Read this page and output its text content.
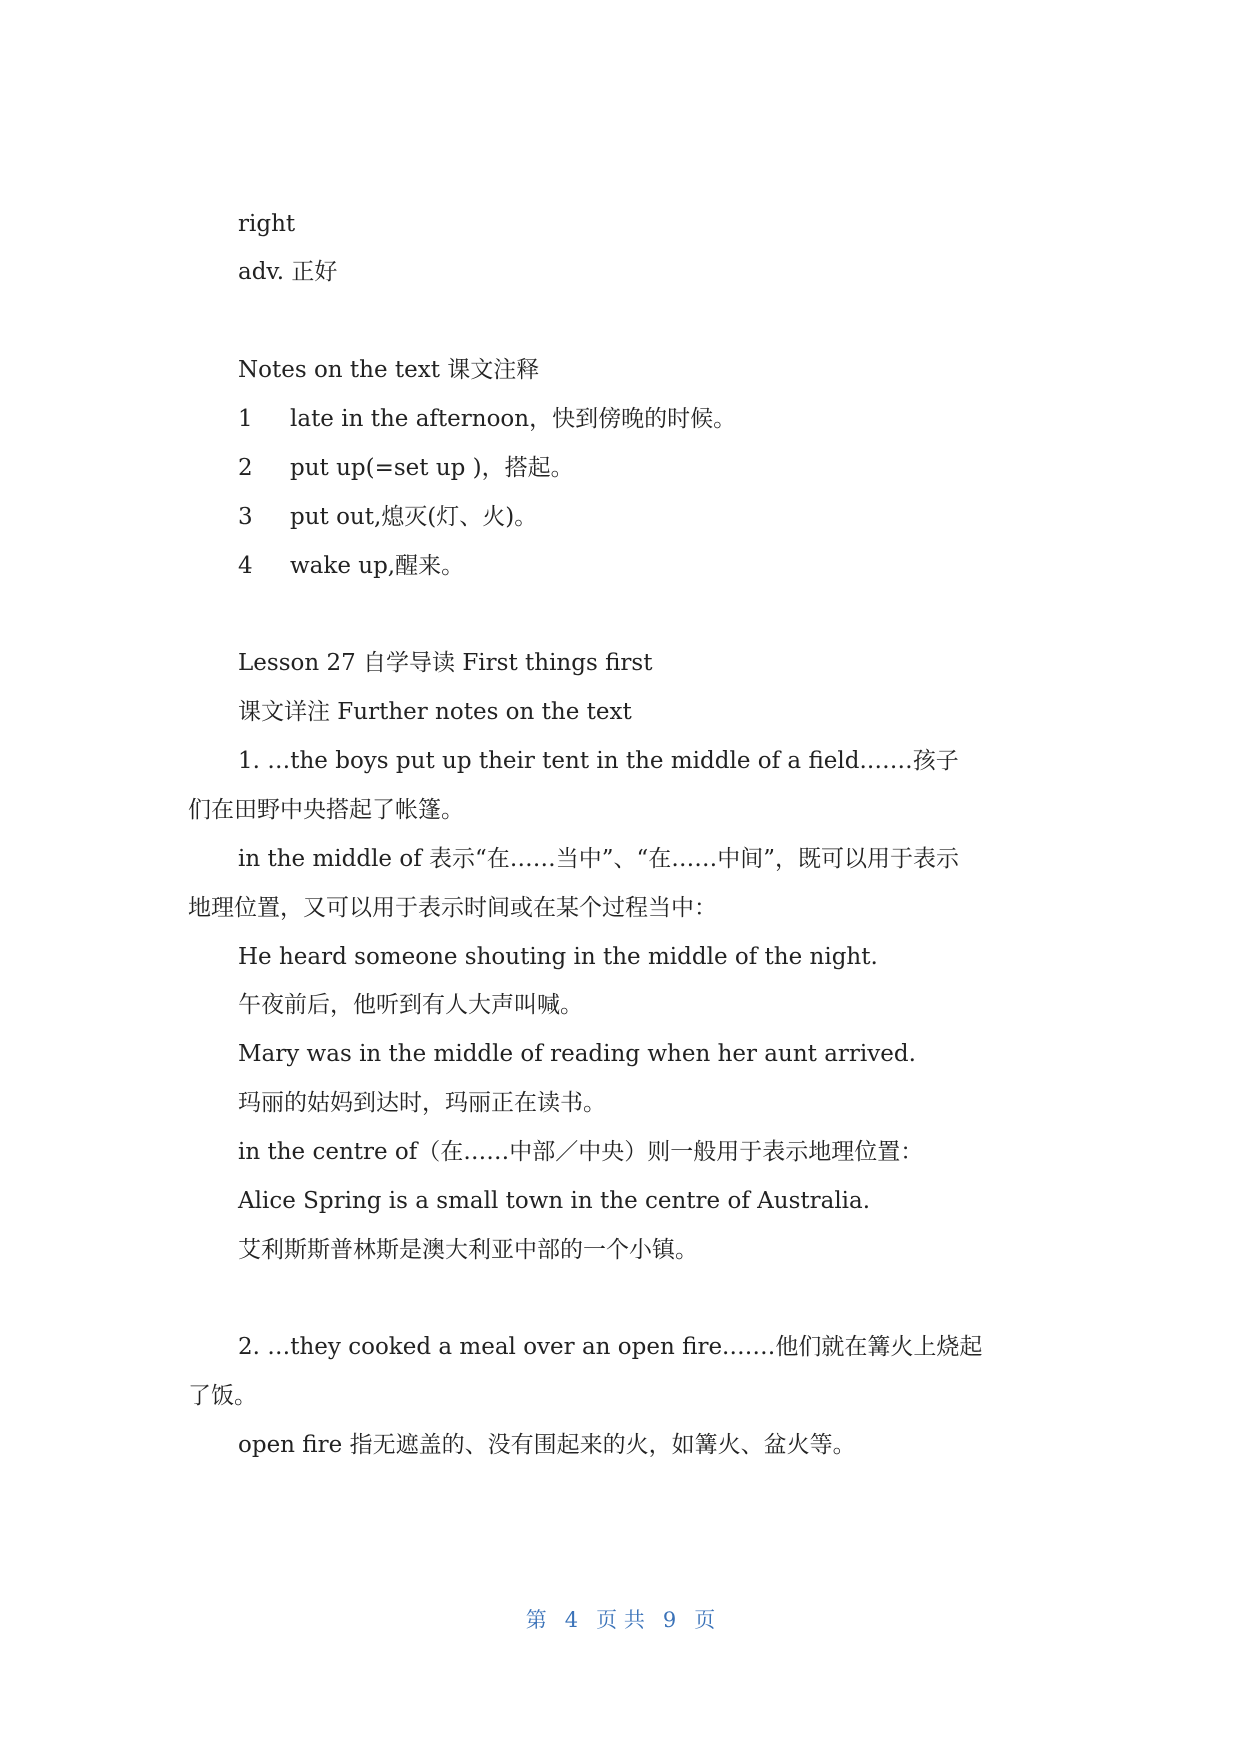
right

adv. 正好

Notes on the text 课文注释

1 late in the afternoon，快到傍晚的时候。

2 put up(=set up )，搭起。

3 put out,熄灭(灯、火)。

4 wake up,醒来。

Lesson 27 自学导读 First things first

课文详注 Further notes on the text

1. …the boys put up their tent in the middle of a field.……孩子

们在田野中央搭起了帐篷。

in the middle of 表示“在……当中”、“在……中间”，既可以用于表示

地理位置，又可以用于表示时间或在某个过程当中：

He heard someone shouting in the middle of the night.

午夜前后，他听到有人大声叫喊。

Mary was in the middle of reading when her aunt arrived.

玛丽的姑妈到达时，玛丽正在读书。

in the centre of（在……中部／中央）则一般用于表示地理位置：

Alice Spring is a small town in the centre of Australia.

艾利斯斯普林斯是澳大利亚中部的一个小镇。

2. …they cooked a meal over an open fire.……他们就在篝火上烧起

了饭。

open fire 指无遮盖的、没有围起来的火，如篝火、盆火等。

第 4 页 共 9 页
